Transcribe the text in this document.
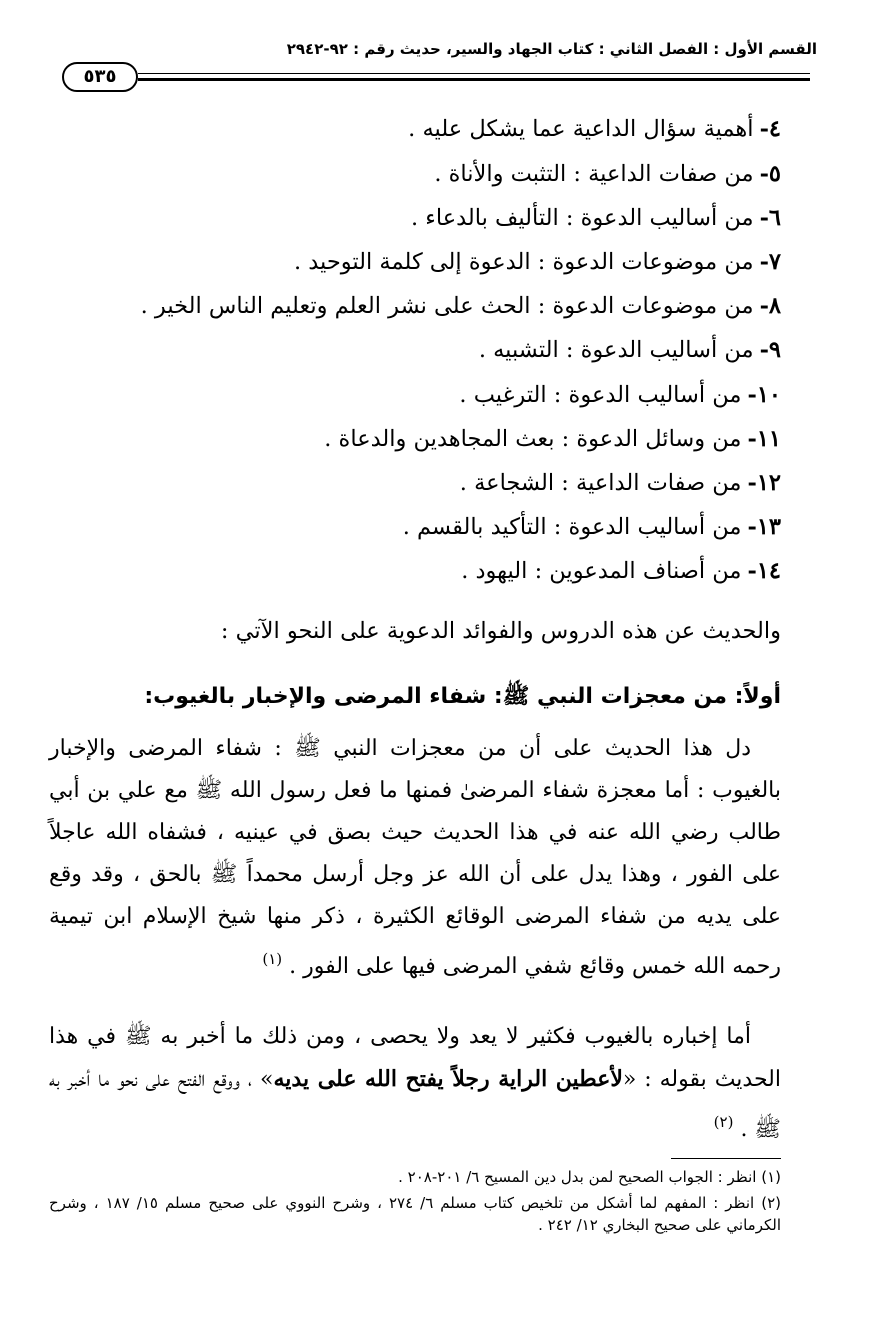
القسم الأول : الفصل الثاني : كتاب الجهاد والسير، حديث رقم : ٩٢-٢٩٤٢
٥٣٥
٤-أهمية سؤال الداعية عما يشكل عليه .
٥-من صفات الداعية : التثبت والأناة .
٦-من أساليب الدعوة : التأليف بالدعاء .
٧-من موضوعات الدعوة : الدعوة إلى كلمة التوحيد .
٨-من موضوعات الدعوة : الحث على نشر العلم وتعليم الناس الخير .
٩-من أساليب الدعوة : التشبيه .
١٠-من أساليب الدعوة : الترغيب .
١١-من وسائل الدعوة : بعث المجاهدين والدعاة .
١٢-من صفات الداعية : الشجاعة .
١٣-من أساليب الدعوة : التأكيد بالقسم .
١٤-من أصناف المدعوين : اليهود .
والحديث عن هذه الدروس والفوائد الدعوية على النحو الآتي :
أولاً: من معجزات النبي ﷺ: شفاء المرضى والإخبار بالغيوب:
دل هذا الحديث على أن من معجزات النبي ﷺ : شفاء المرضى والإخبار بالغيوب : أما معجزة شفاء المرضىٰ فمنها ما فعل رسول الله ﷺ مع علي بن أبي طالب رضي الله عنه في هذا الحديث حيث بصق في عينيه ، فشفاه الله عاجلاً على الفور ، وهذا يدل على أن الله عز وجل أرسل محمداً ﷺ بالحق ، وقد وقع على يديه من شفاء المرضى الوقائع الكثيرة ، ذكر منها شيخ الإسلام ابن تيمية رحمه الله خمس وقائع شفي المرضى فيها على الفور . $^{(١)}$
أما إخباره بالغيوب فكثير لا يعد ولا يحصى ، ومن ذلك ما أخبر به ﷺ في هذا الحديث بقوله : «لأعطين الراية رجلاً يفتح الله على يديه» ، ووقع الفتح على نحو ما أخبر به ﷺ . $^{(٢)}$
(١) انظر : الجواب الصحيح لمن بدل دين المسيح ٦/ ٢٠١-٢٠٨ .
(٢) انظر : المفهم لما أشكل من تلخيص كتاب مسلم ٦/ ٢٧٤ ، وشرح النووي على صحيح مسلم ١٥/ ١٨٧ ، وشرح الكرماني على صحيح البخاري ١٢/ ٢٤٢ .
